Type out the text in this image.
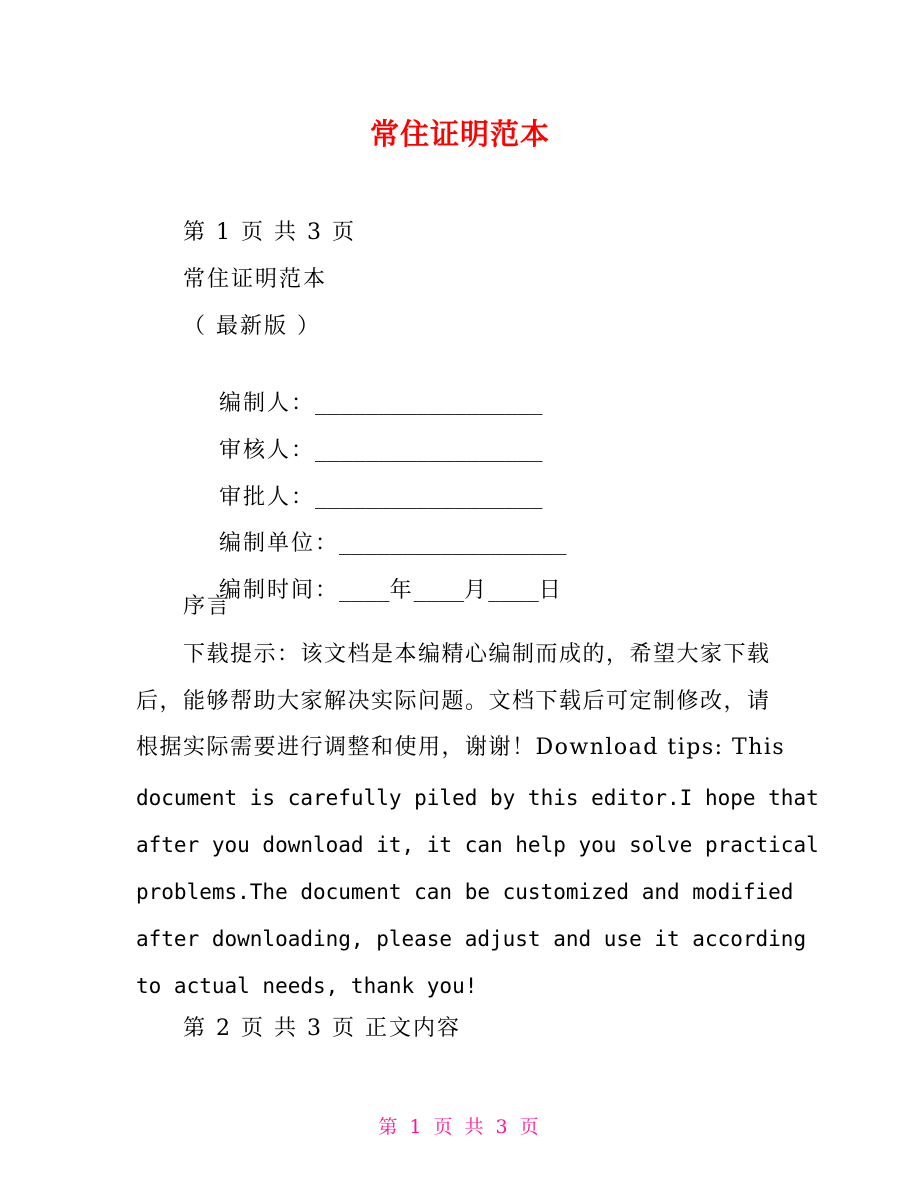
常住证明范本
第 1 页 共 3 页
常住证明范本
（ 最新版 ）

编制人：__________________

审核人：__________________

审批人：__________________

编制单位：__________________

编制时间：____年____月____日

序言
　　下载提示：该文档是本编精心编制而成的，希望大家下载
后，能够帮助大家解决实际问题。文档下载后可定制修改，请
根据实际需要进行调整和使用，谢谢！Download tips: This
document is carefully piled by this editor.I hope that
after you download it, it can help you solve practical
problems.The document can be customized and modified
after downloading, please adjust and use it according
to actual needs, thank you!
第 2 页 共 3 页 正文内容
第 1 页 共 3 页
